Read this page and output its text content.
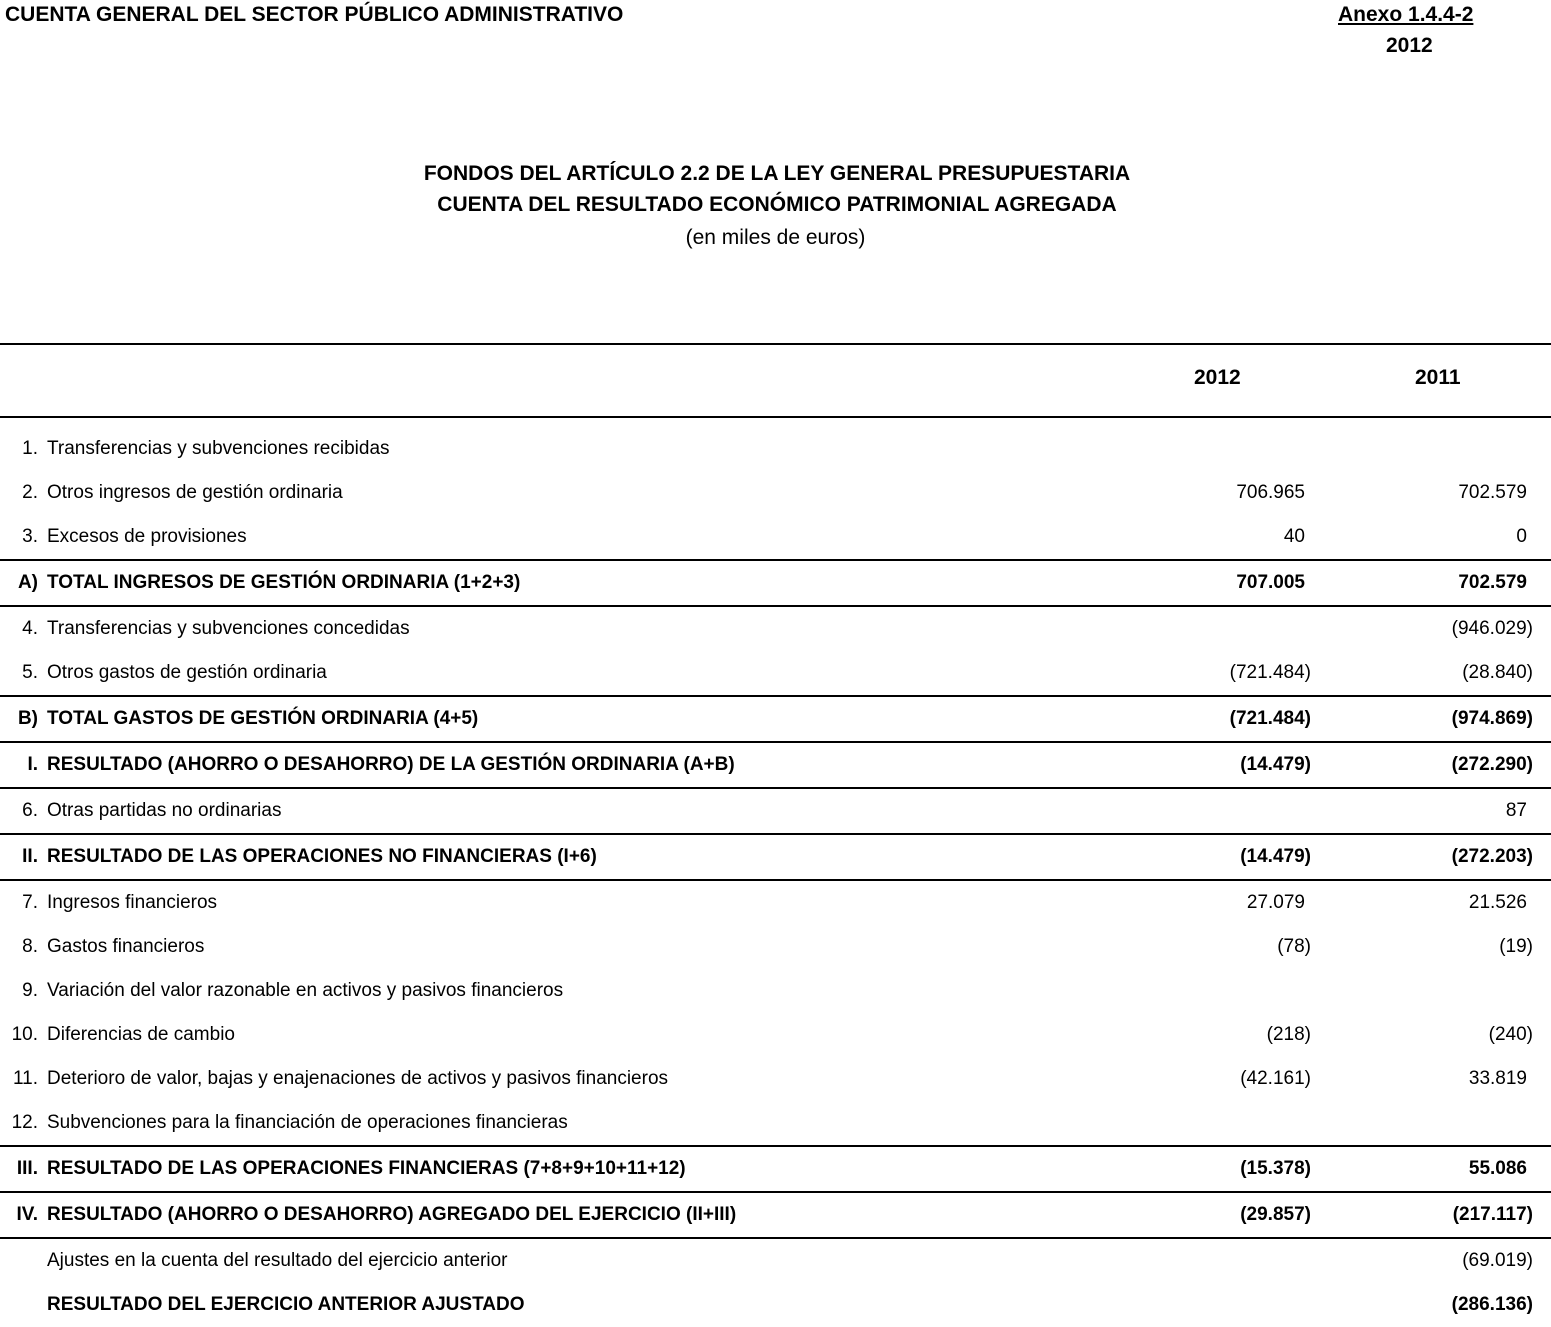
CUENTA GENERAL DEL SECTOR PÚBLICO ADMINISTRATIVO	Anexo 1.4.4-2
2012
FONDOS DEL ARTÍCULO 2.2 DE LA LEY GENERAL PRESUPUESTARIA
CUENTA DEL RESULTADO ECONÓMICO PATRIMONIAL AGREGADA
(en miles de euros)
2012	2011
1.	Transferencias y subvenciones recibidas			
2.	Otros ingresos de gestión ordinaria	706.965	702.579	
3.	Excesos de provisiones	40	0	
A)	TOTAL INGRESOS DE GESTIÓN ORDINARIA (1+2+3)	707.005	702.579	
4.	Transferencias y subvenciones concedidas		(946.029)	
5.	Otros gastos de gestión ordinaria	(721.484)	(28.840)	
B)	TOTAL GASTOS DE GESTIÓN ORDINARIA (4+5)	(721.484)	(974.869)	
I.	RESULTADO (AHORRO O DESAHORRO) DE LA GESTIÓN ORDINARIA (A+B)	(14.479)	(272.290)	
6.	Otras partidas no ordinarias		87	
II.	RESULTADO DE LAS OPERACIONES NO FINANCIERAS (I+6)	(14.479)	(272.203)	
7.	Ingresos financieros	27.079	21.526	
8.	Gastos financieros	(78)	(19)	
9.	Variación del valor razonable en activos y pasivos financieros			
10.	Diferencias de cambio	(218)	(240)	
11.	Deterioro de valor, bajas y enajenaciones de activos y pasivos financieros	(42.161)	33.819	
12.	Subvenciones para la financiación de operaciones financieras			
III.	RESULTADO DE LAS OPERACIONES FINANCIERAS (7+8+9+10+11+12)	(15.378)	55.086	
IV.	RESULTADO (AHORRO O DESAHORRO) AGREGADO DEL EJERCICIO (II+III)	(29.857)	(217.117)	
	Ajustes en la cuenta del resultado del ejercicio anterior		(69.019)	
	RESULTADO DEL EJERCICIO ANTERIOR AJUSTADO		(286.136)	
